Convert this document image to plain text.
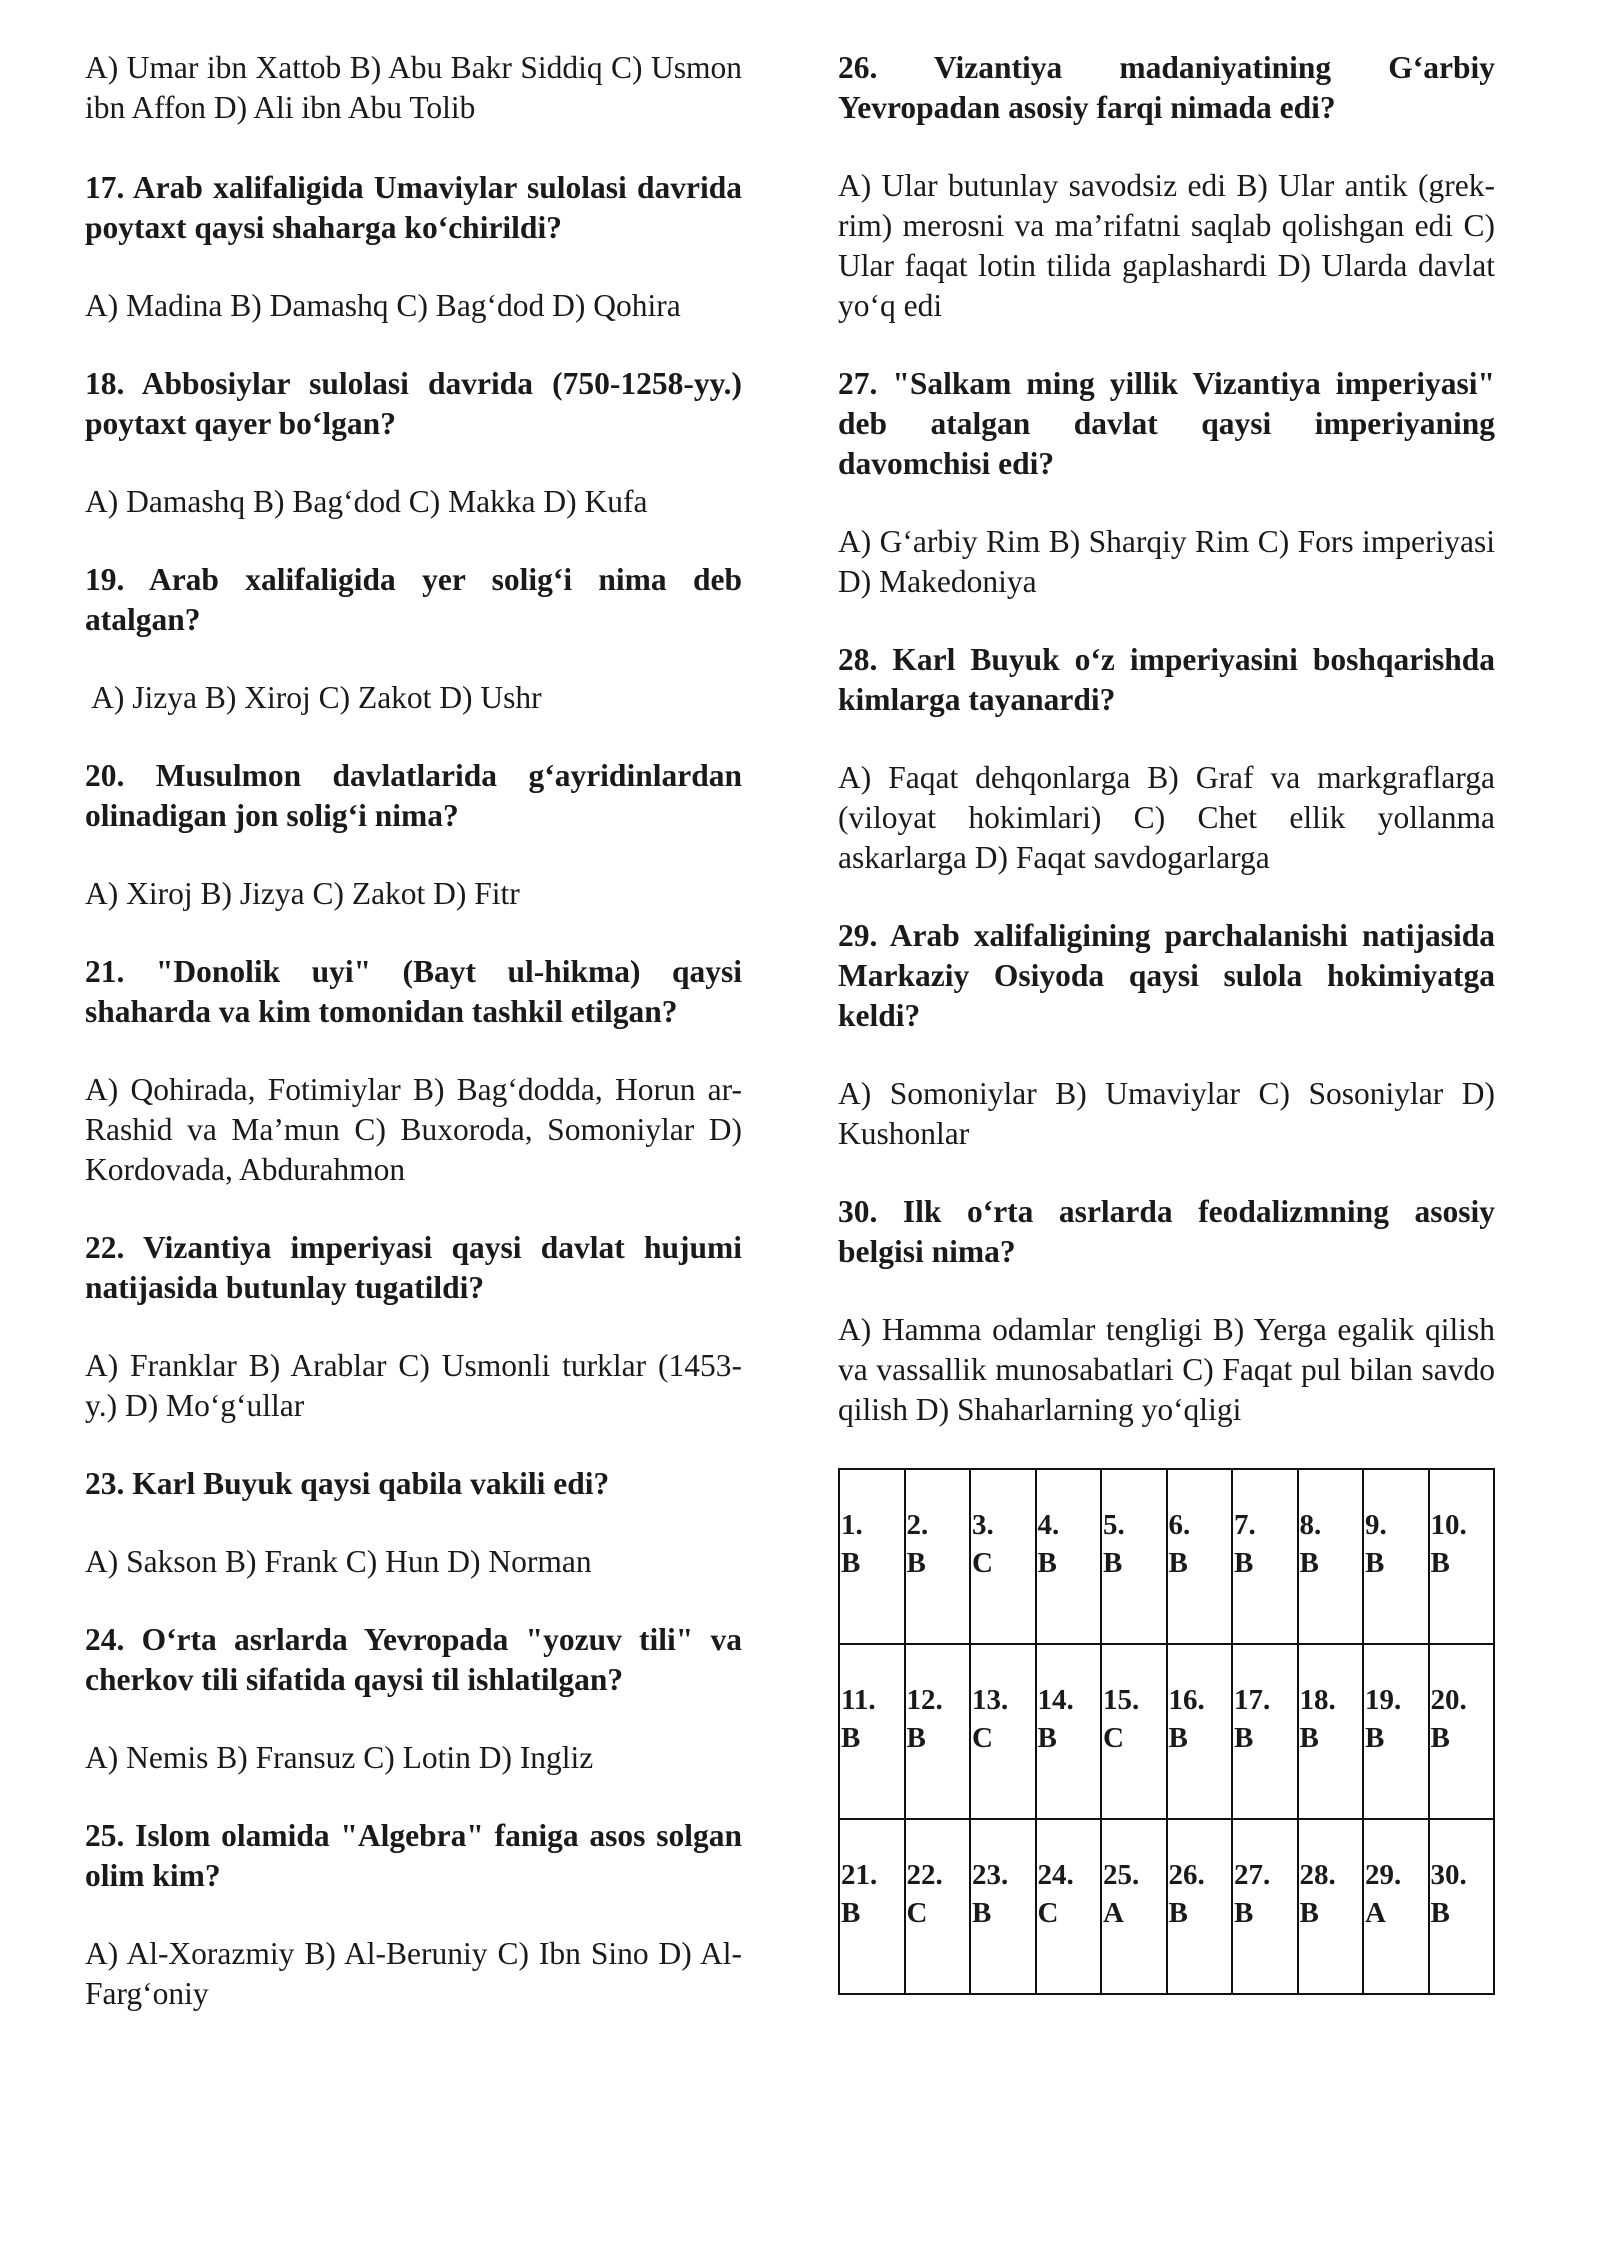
A) Umar ibn Xattob B) Abu Bakr Siddiq C) Usmon ibn Affon D) Ali ibn Abu Tolib

17. Arab xalifaligida Umaviylar sulolasi davrida poytaxt qaysi shaharga ko‘chirildi?

A) Madina B) Damashq C) Bag‘dod D) Qohira

18. Abbosiylar sulolasi davrida (750-1258-yy.) poytaxt qayer bo‘lgan?

A) Damashq B) Bag‘dod C) Makka D) Kufa

19. Arab xalifaligida yer solig‘i nima deb atalgan?

A) Jizya B) Xiroj C) Zakot D) Ushr

20. Musulmon davlatlarida g‘ayridinlardan olinadigan jon solig‘i nima?

A) Xiroj B) Jizya C) Zakot D) Fitr

21. "Donolik uyi" (Bayt ul-hikma) qaysi shaharda va kim tomonidan tashkil etilgan?

A) Qohirada, Fotimiylar B) Bag‘dodda, Horun ar-Rashid va Ma’mun C) Buxoroda, Somoniylar D) Kordovada, Abdurahmon

22. Vizantiya imperiyasi qaysi davlat hujumi natijasida butunlay tugatildi?

A) Franklar B) Arablar C) Usmonli turklar (1453-y.) D) Mo‘g‘ullar

23. Karl Buyuk qaysi qabila vakili edi?

A) Sakson B) Frank C) Hun D) Norman

24. O‘rta asrlarda Yevropada "yozuv tili" va cherkov tili sifatida qaysi til ishlatilgan?

A) Nemis B) Fransuz C) Lotin D) Ingliz

25. Islom olamida "Algebra" faniga asos solgan olim kim?

A) Al-Xorazmiy B) Al-Beruniy C) Ibn Sino D) Al-Farg‘oniy

26. Vizantiya madaniyatining G‘arbiy Yevropadan asosiy farqi nimada edi?

A) Ular butunlay savodsiz edi B) Ular antik (grek-rim) merosni va ma’rifatni saqlab qolishgan edi C) Ular faqat lotin tilida gaplashardi D) Ularda davlat yo‘q edi

27. "Salkam ming yillik Vizantiya imperiyasi" deb atalgan davlat qaysi imperiyaning davomchisi edi?

A) G‘arbiy Rim B) Sharqiy Rim C) Fors imperiyasi D) Makedoniya

28. Karl Buyuk o‘z imperiyasini boshqarishda kimlarga tayanardi?

A) Faqat dehqonlarga B) Graf va markgraflarga (viloyat hokimlari) C) Chet ellik yollanma askarlarga D) Faqat savdogarlarga

29. Arab xalifaligining parchalanishi natijasida Markaziy Osiyoda qaysi sulola hokimiyatga keldi?

A) Somoniylar B) Umaviylar C) Sosoniylar D) Kushonlar

30. Ilk o‘rta asrlarda feodalizmning asosiy belgisi nima?

A) Hamma odamlar tengligi B) Yerga egalik qilish va vassallik munosabatlari C) Faqat pul bilan savdo qilish D) Shaharlarning yo‘qligi

1.
B	2.
B	3.
C	4.
B	5.
B	6.
B	7.
B	8.
B	9.
B	10.
B

11.
B	12.
B	13.
C	14.
B	15.
C	16.
B	17.
B	18.
B	19.
B	20.
B

21.
B	22.
C	23.
B	24.
C	25.
A	26.
B	27.
B	28.
B	29.
A	30.
B
